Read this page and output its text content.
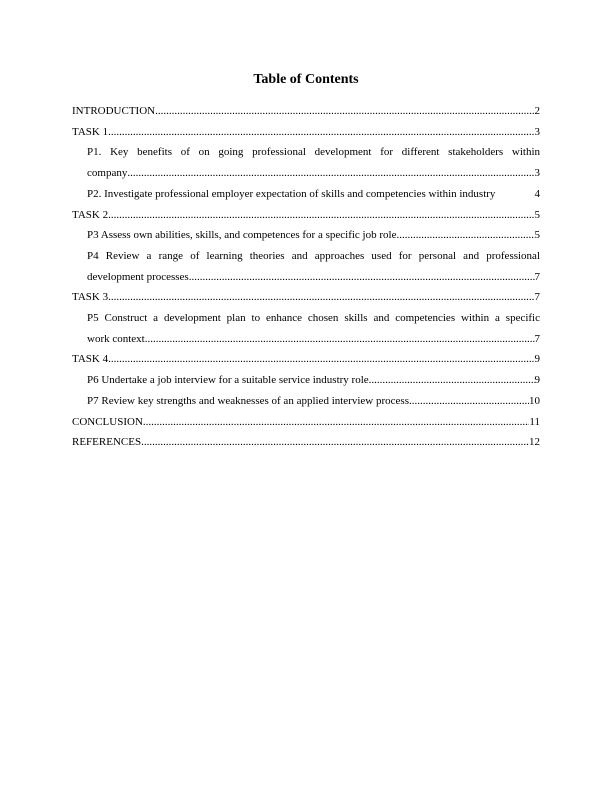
Table of Contents
INTRODUCTION .....	2
TASK 1 .....	3
P1. Key benefits of on going professional development for different stakeholders within
company .....	3
P2. Investigate professional employer expectation of skills and competencies within industry	4
TASK 2 .....	5
P3 Assess own abilities, skills, and competences for a specific job role .....	5
P4 Review a range of learning theories and approaches used for personal and professional
development processes .....	7
TASK 3 .....	7
P5 Construct a development plan to enhance chosen skills and competencies within a specific
work context .....	7
TASK 4 .....	9
P6 Undertake a job interview for a suitable service industry role .....	9
P7 Review key strengths and weaknesses of an applied interview process .....	10
CONCLUSION .....	11
REFERENCES .....	12
